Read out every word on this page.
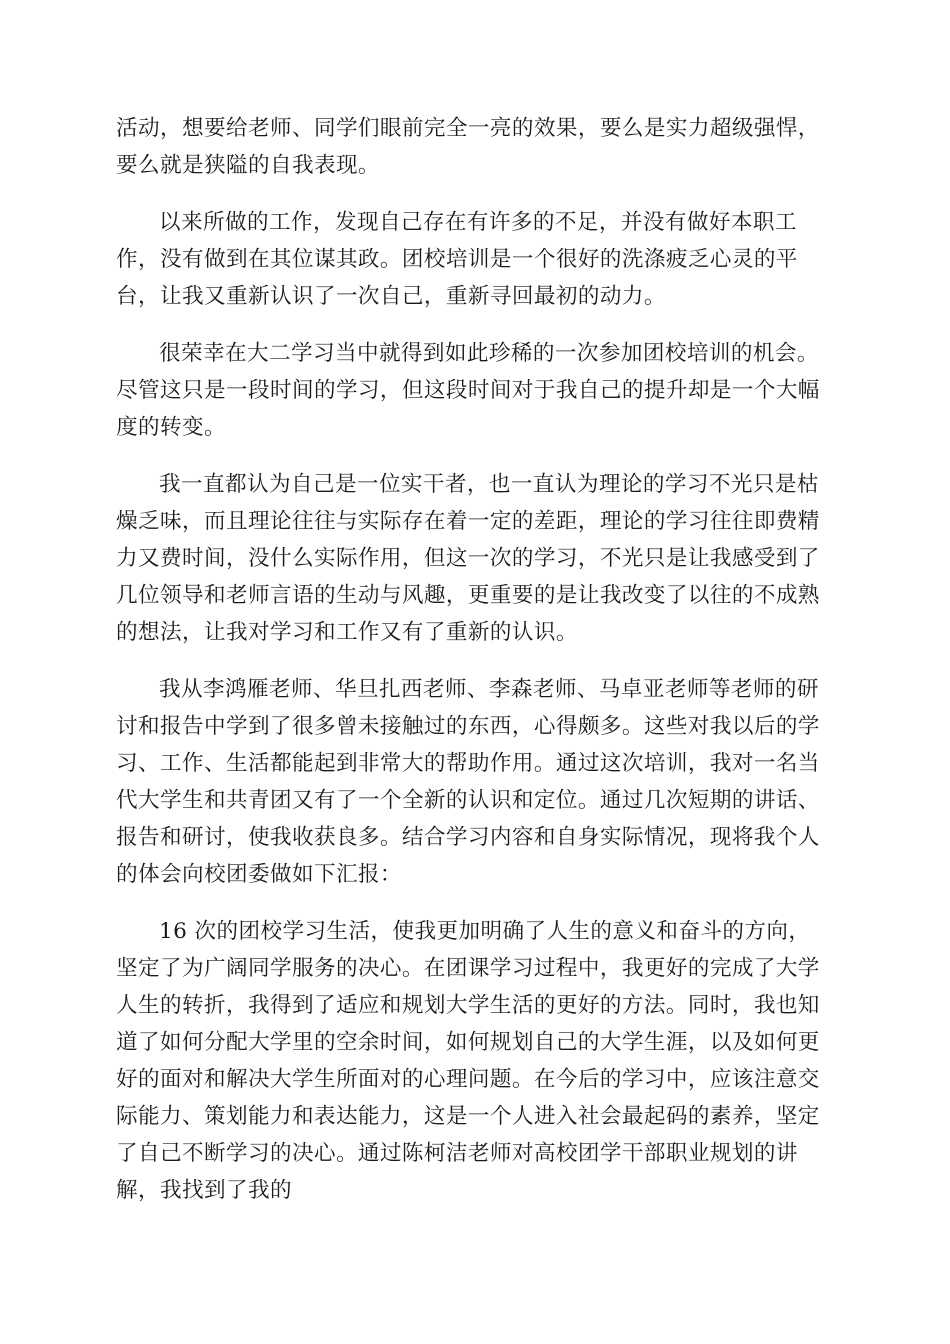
活动，想要给老师、同学们眼前完全一亮的效果，要么是实力超级强悍，
要么就是狭隘的自我表现。
以来所做的工作，发现自己存在有许多的不足，并没有做好本职工
作，没有做到在其位谋其政。团校培训是一个很好的洗涤疲乏心灵的平
台，让我又重新认识了一次自己，重新寻回最初的动力。
很荣幸在大二学习当中就得到如此珍稀的一次参加团校培训的机会。
尽管这只是一段时间的学习，但这段时间对于我自己的提升却是一个大幅
度的转变。
我一直都认为自己是一位实干者，也一直认为理论的学习不光只是枯
燥乏味，而且理论往往与实际存在着一定的差距，理论的学习往往即费精
力又费时间，没什么实际作用，但这一次的学习，不光只是让我感受到了
几位领导和老师言语的生动与风趣，更重要的是让我改变了以往的不成熟
的想法，让我对学习和工作又有了重新的认识。
我从李鸿雁老师、华旦扎西老师、李森老师、马卓亚老师等老师的研
讨和报告中学到了很多曾未接触过的东西，心得颇多。这些对我以后的学
习、工作、生活都能起到非常大的帮助作用。通过这次培训，我对一名当
代大学生和共青团又有了一个全新的认识和定位。通过几次短期的讲话、
报告和研讨，使我收获良多。结合学习内容和自身实际情况，现将我个人
的体会向校团委做如下汇报：
16 次的团校学习生活，使我更加明确了人生的意义和奋斗的方向，
坚定了为广阔同学服务的决心。在团课学习过程中，我更好的完成了大学
人生的转折，我得到了适应和规划大学生活的更好的方法。同时，我也知
道了如何分配大学里的空余时间，如何规划自己的大学生涯，以及如何更
好的面对和解决大学生所面对的心理问题。在今后的学习中，应该注意交
际能力、策划能力和表达能力，这是一个人进入社会最起码的素养，坚定
了自己不断学习的决心。通过陈柯洁老师对高校团学干部职业规划的讲
解，我找到了我的
